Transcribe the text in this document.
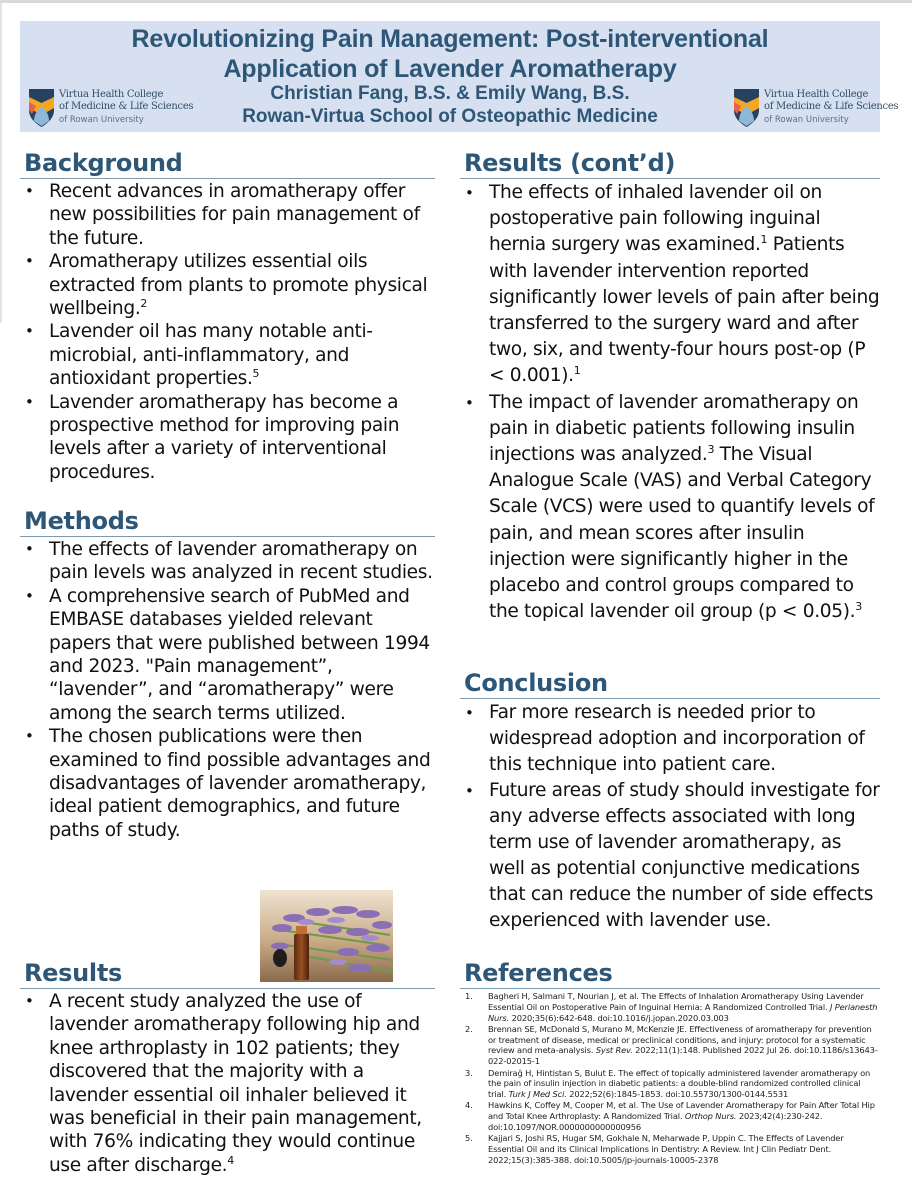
Revolutionizing Pain Management: Post-interventional
Application of Lavender Aromatherapy
Christian Fang, B.S. & Emily Wang, B.S.
Rowan-Virtua School of Osteopathic Medicine
Virtua Health College
of Medicine & Life Sciences
of Rowan University
Virtua Health College
of Medicine & Life Sciences
of Rowan University
Background
• Recent advances in aromatherapy offer new possibilities for pain management of the future.
• Aromatherapy utilizes essential oils extracted from plants to promote physical wellbeing.$^2$
• Lavender oil has many notable anti-microbial, anti-inflammatory, and antioxidant properties.$^5$
• Lavender aromatherapy has become a prospective method for improving pain levels after a variety of interventional procedures.
Methods
• The effects of lavender aromatherapy on pain levels was analyzed in recent studies.
• A comprehensive search of PubMed and EMBASE databases yielded relevant papers that were published between 1994 and 2023. "Pain management”, “lavender”, and “aromatherapy” were among the search terms utilized.
• The chosen publications were then examined to find possible advantages and disadvantages of lavender aromatherapy, ideal patient demographics, and future paths of study.
Results
• A recent study analyzed the use of lavender aromatherapy following hip and knee arthroplasty in 102 patients; they discovered that the majority with a lavender essential oil inhaler believed it was beneficial in their pain management, with 76% indicating they would continue use after discharge.$^4$
Results (cont’d)
• The effects of inhaled lavender oil on postoperative pain following inguinal hernia surgery was examined.$^1$ Patients with lavender intervention reported significantly lower levels of pain after being transferred to the surgery ward and after two, six, and twenty-four hours post-op (P < 0.001).$^1$
• The impact of lavender aromatherapy on pain in diabetic patients following insulin injections was analyzed.$^3$ The Visual Analogue Scale (VAS) and Verbal Category Scale (VCS) were used to quantify levels of pain, and mean scores after insulin injection were significantly higher in the placebo and control groups compared to the topical lavender oil group (p < 0.05).$^3$
Conclusion
• Far more research is needed prior to widespread adoption and incorporation of this technique into patient care.
• Future areas of study should investigate for any adverse effects associated with long term use of lavender aromatherapy, as well as potential conjunctive medications that can reduce the number of side effects experienced with lavender use.
References
1. Bagheri H, Salmani T, Nourian J, et al. The Effects of Inhalation Aromatherapy Using Lavender Essential Oil on Postoperative Pain of Inguinal Hernia: A Randomized Controlled Trial. J Perianesth Nurs. 2020;35(6):642-648. doi:10.1016/j.jopan.2020.03.003
2. Brennan SE, McDonald S, Murano M, McKenzie JE. Effectiveness of aromatherapy for prevention or treatment of disease, medical or preclinical conditions, and injury: protocol for a systematic review and meta-analysis. Syst Rev. 2022;11(1):148. Published 2022 Jul 26. doi:10.1186/s13643-022-02015-1
3. Demirağ H, Hintistan S, Bulut E. The effect of topically administered lavender aromatherapy on the pain of insulin injection in diabetic patients: a double-blind randomized controlled clinical trial. Turk J Med Sci. 2022;52(6):1845-1853. doi:10.55730/1300-0144.5531
4. Hawkins K, Coffey M, Cooper M, et al. The Use of Lavender Aromatherapy for Pain After Total Hip and Total Knee Arthroplasty: A Randomized Trial. Orthop Nurs. 2023;42(4):230-242. doi:10.1097/NOR.0000000000000956
5. Kajjari S, Joshi RS, Hugar SM, Gokhale N, Meharwade P, Uppin C. The Effects of Lavender Essential Oil and its Clinical Implications in Dentistry: A Review. Int J Clin Pediatr Dent. 2022;15(3):385-388. doi:10.5005/jp-journals-10005-2378
